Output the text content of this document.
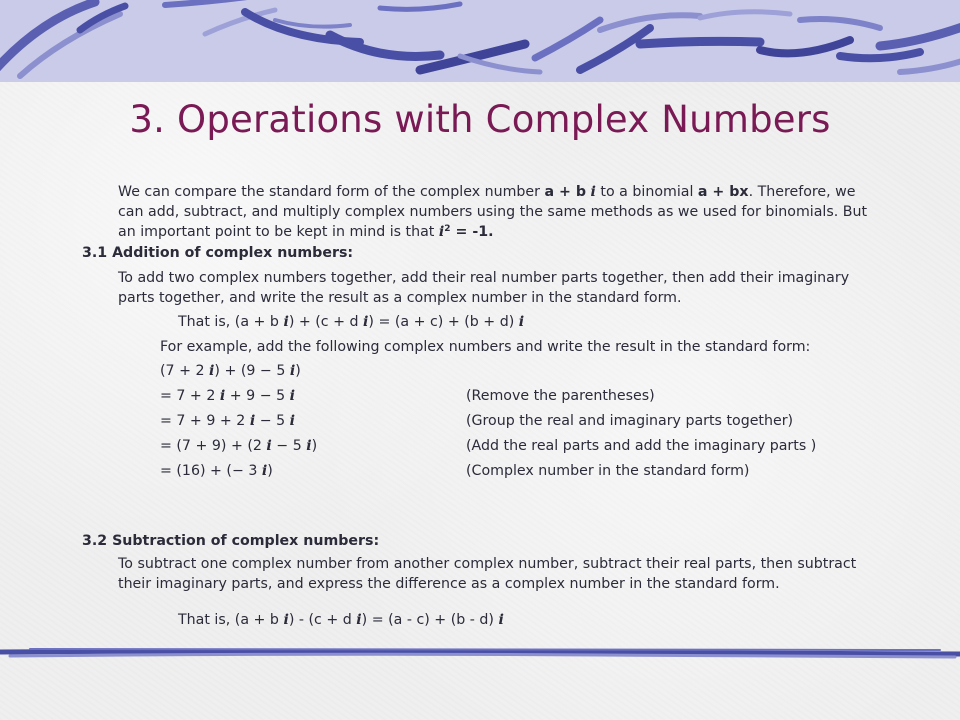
3. Operations with Complex Numbers

We can compare the standard form of the complex number a + b i to a binomial a + bx. Therefore, we can add, subtract, and multiply complex numbers using the same methods as we used for binomials. But an important point to be kept in mind is that $i^2 = -1$.

3.1 Addition of complex numbers:

To add two complex numbers together, add their real number parts together, then add their imaginary parts together, and write the result as a complex number in the standard form.

That is, (a + b i) + (c + d i) = (a + c) + (b + d) i
For example, add the following complex numbers and write the result in the standard form:
(7 + 2 i) + (9 − 5 i)
= 7 + 2 i + 9 − 5 i	(Remove the parentheses)
= 7 + 9 + 2 i − 5 i	(Group the real and imaginary parts together)
= (7 + 9) + (2 i − 5 i)	(Add the real parts and add the imaginary parts )
= (16) + (− 3 i)	(Complex number in the standard form)
3.2 Subtraction of complex numbers:

To subtract one complex number from another complex number, subtract their real parts, then subtract their imaginary parts, and express the difference as a complex number in the standard form.

That is, (a + b i) - (c + d i) = (a - c) + (b - d) i
